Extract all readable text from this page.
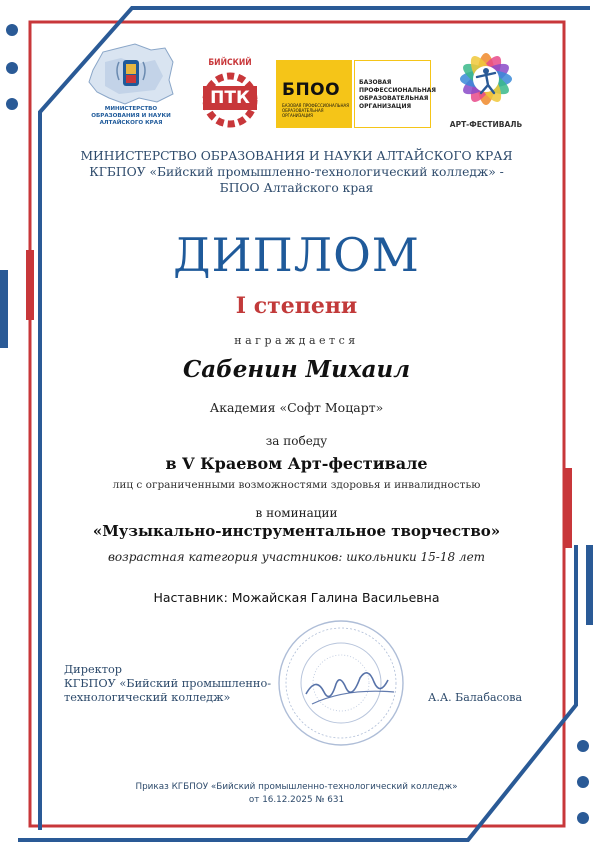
МИНИСТЕРСТВО
ОБРАЗОВАНИЯ И НАУКИ
АЛТАЙСКОГО КРАЯ
БИЙСКИЙ
ПТК	БПОО
БАЗОВАЯ ПРОФЕССИОНАЛЬНАЯ
ОБРАЗОВАТЕЛЬНАЯ ОРГАНИЗАЦИЯ
БАЗОВАЯ
ПРОФЕССИОНАЛЬНАЯ
ОБРАЗОВАТЕЛЬНАЯ
ОРГАНИЗАЦИЯ
АРТ-ФЕСТИВАЛЬ
МИНИСТЕРСТВО ОБРАЗОВАНИЯ И НАУКИ АЛТАЙСКОГО КРАЯ
КГБПОУ «Бийский промышленно-технологический колледж» -
БПОО Алтайского края
ДИПЛОМ
I степени
награждается
Сабенин Михаил
Академия «Софт Моцарт»
за победу
в V Краевом Арт-фестивале
лиц с ограниченными возможностями здоровья и инвалидностью
в номинации
«Музыкально-инструментальное творчество»
возрастная категория участников: школьники 15-18 лет
Наставник: Можайская Галина Васильевна
Директор
КГБПОУ «Бийский промышленно-
технологический колледж»	А.А. Балабасова
Приказ КГБПОУ «Бийский промышленно-технологический колледж»
от 16.12.2025 № 631
